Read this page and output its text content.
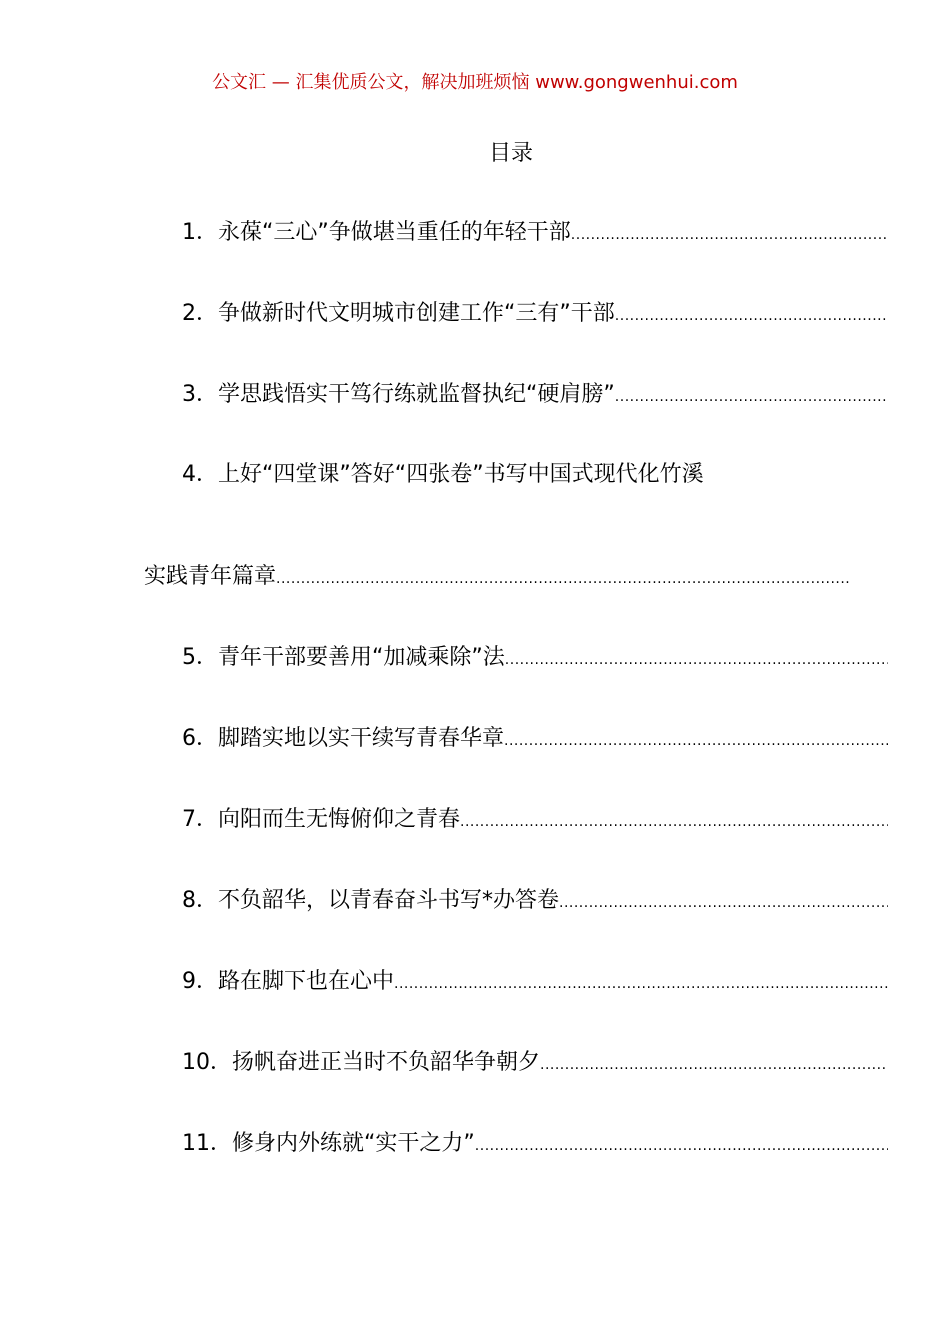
公文汇 — 汇集优质公文，解决加班烦恼 www.gongwenhui.com
目录
1．永葆“三心”争做堪当重任的年轻干部
.....
2．争做新时代文明城市创建工作“三有”干部
.....
3．学思践悟实干笃行练就监督执纪“硬肩膀”
.....
4．上好“四堂课”答好“四张卷”书写中国式现代化竹溪
实践青年篇章
.....
5．青年干部要善用“加减乘除”法
.....
6．脚踏实地以实干续写青春华章
.....
7．向阳而生无悔俯仰之青春
.....
8．不负韶华，以青春奋斗书写*办答卷
.....
9．路在脚下也在心中
.....
10．扬帆奋进正当时不负韶华争朝夕
.....
11．修身内外练就“实干之力”
.....
